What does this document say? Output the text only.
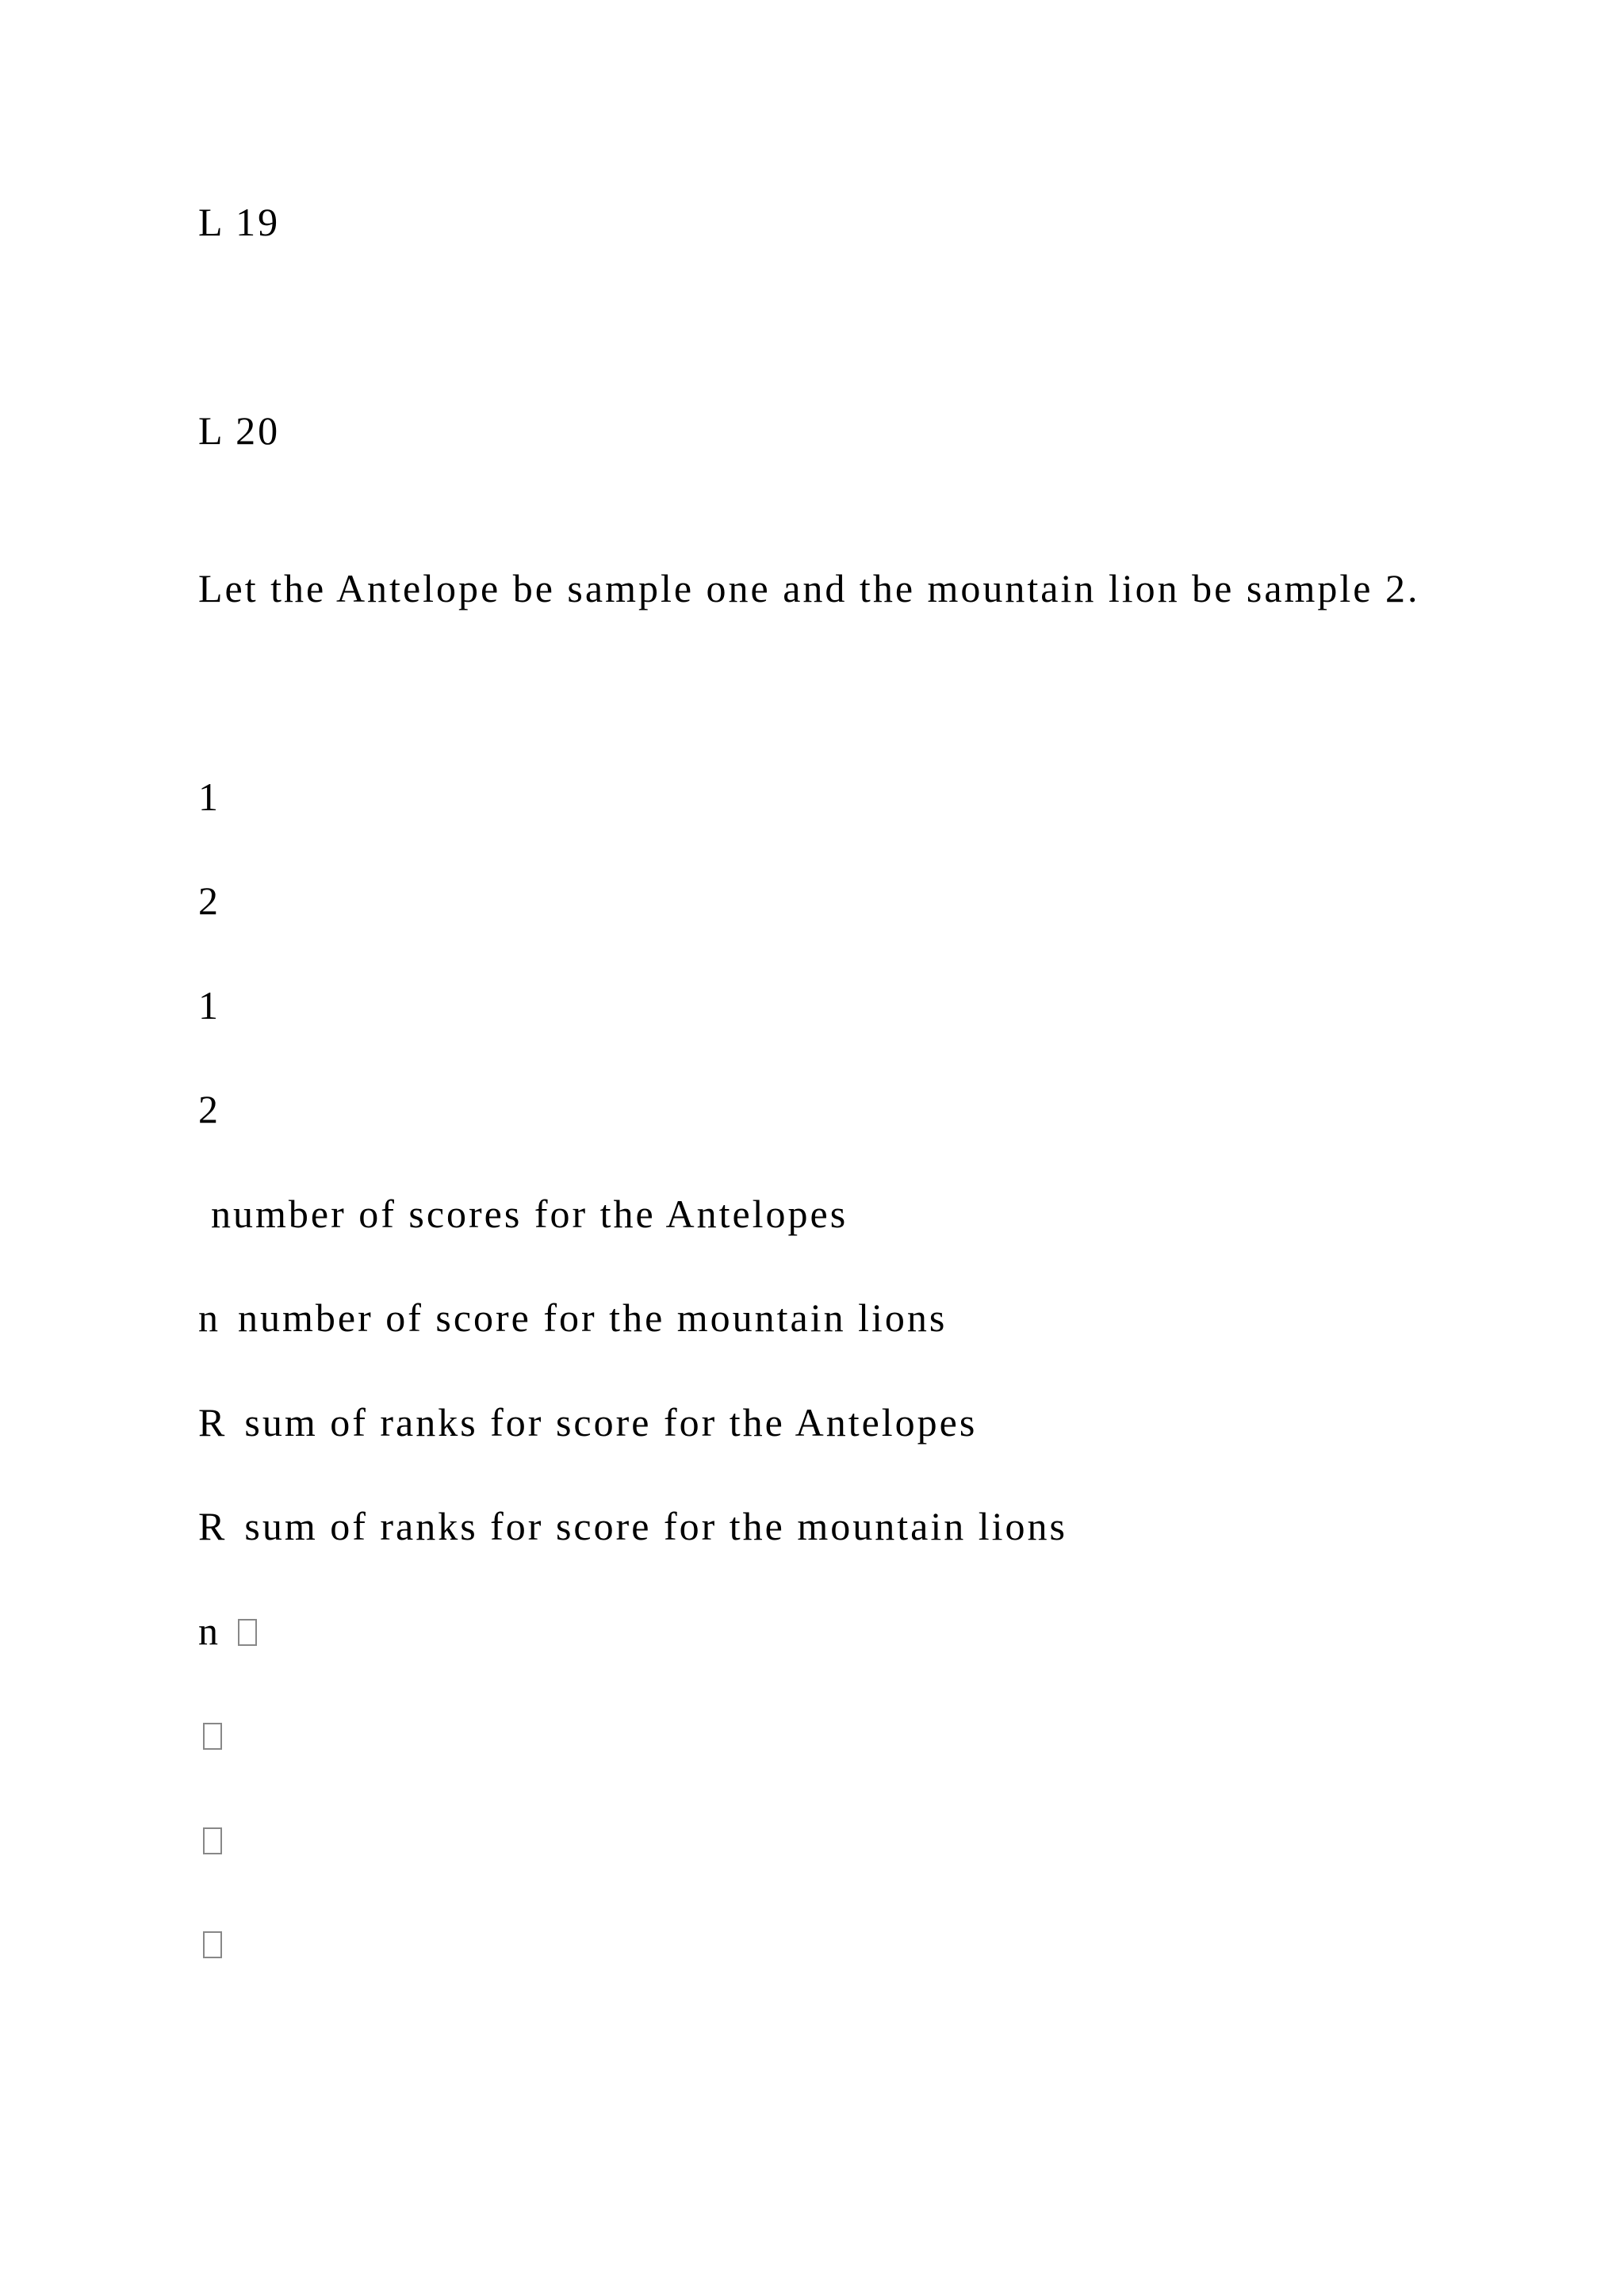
L 19
L 20
Let the Antelope be sample one and the mountain lion be sample 2.
1
2
1
2
number of scores for the Antelopes
n number of score for the mountain lions
R sum of ranks for score for the Antelopes
R sum of ranks for score for the mountain lions
n
